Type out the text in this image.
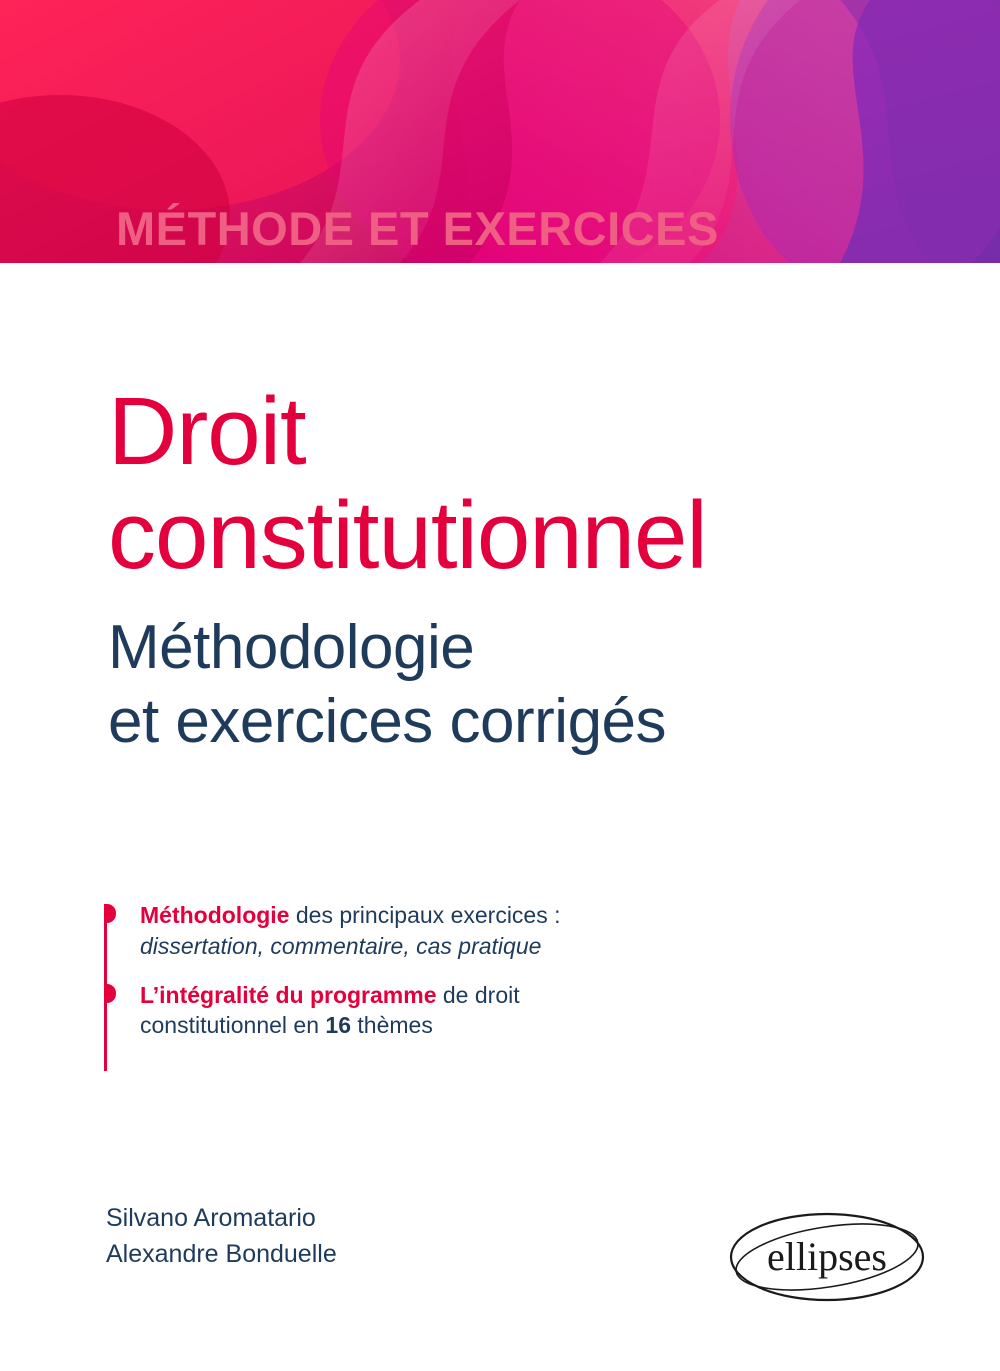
MÉTHODE ET EXERCICES
Droit
constitutionnel
Méthodologie
et exercices corrigés
Méthodologie des principaux exercices :
dissertation, commentaire, cas pratique
L’intégralité du programme de droit
constitutionnel en 16 thèmes
Silvano Aromatario
Alexandre Bonduelle	ellipses
